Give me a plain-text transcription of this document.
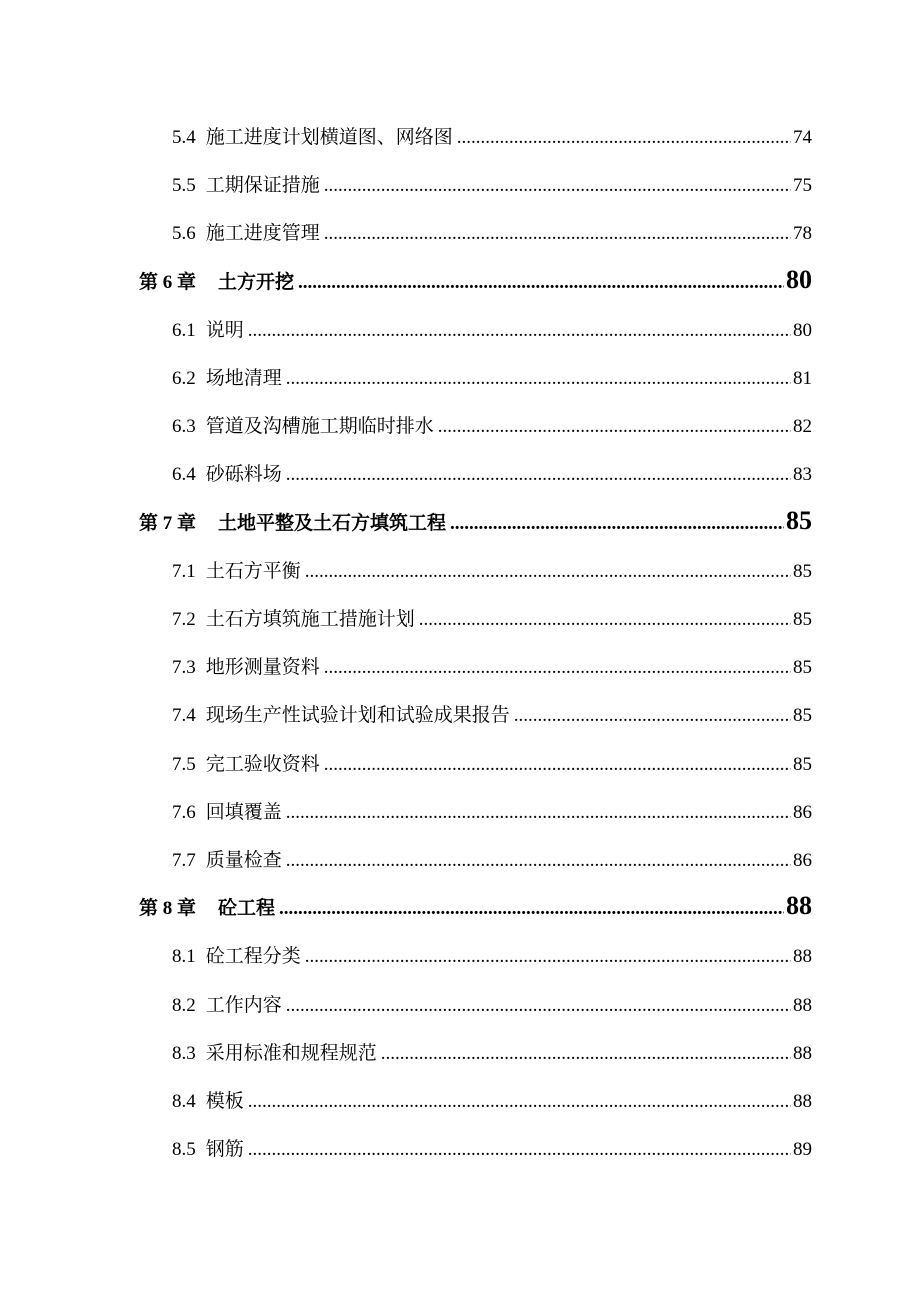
5.4 施工进度计划横道图、网络图 .....	74
5.5 工期保证措施 .....	75
5.6 施工进度管理 .....	78
第 6 章 土方开挖 .....	80
6.1 说明 .....	80
6.2 场地清理 .....	81
6.3 管道及沟槽施工期临时排水 .....	82
6.4 砂砾料场 .....	83
第 7 章 土地平整及土石方填筑工程 .....	85
7.1 土石方平衡 .....	85
7.2 土石方填筑施工措施计划 .....	85
7.3 地形测量资料 .....	85
7.4 现场生产性试验计划和试验成果报告 .....	85
7.5 完工验收资料 .....	85
7.6 回填覆盖 .....	86
7.7 质量检查 .....	86
第 8 章 砼工程 .....	88
8.1 砼工程分类 .....	88
8.2 工作内容 .....	88
8.3 采用标准和规程规范 .....	88
8.4 模板 .....	88
8.5 钢筋 .....	89
